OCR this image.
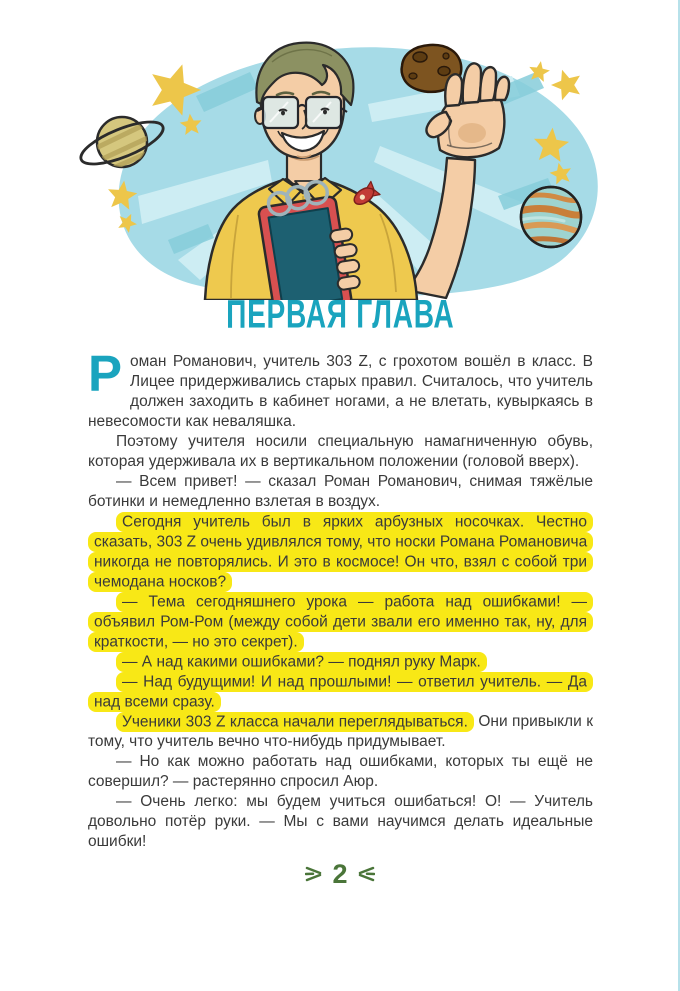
ПЕРВАЯ ГЛАВА

Роман Романович, учитель 303 Z, с грохотом вошёл в класс. В Лицее придерживались старых правил. Считалось, что учитель должен заходить в кабинет ногами, а не влетать, кувыркаясь в невесомости как неваляшка.

Поэтому учителя носили специальную намагниченную обувь, которая удерживала их в вертикальном положении (головой вверх).

— Всем привет! — сказал Роман Романович, снимая тяжёлые ботинки и немедленно взлетая в воздух.

Сегодня учитель был в ярких арбузных носочках. Честно сказать, 303 Z очень удивлялся тому, что носки Романа Романовича никогда не повторялись. И это в космосе! Он что, взял с собой три чемодана носков?

— Тема сегодняшнего урока — работа над ошибками! — объявил Ром-Ром (между собой дети звали его именно так, ну, для краткости, — но это секрет).

— А над какими ошибками? — поднял руку Марк.

— Над будущими! И над прошлыми! — ответил учитель. — Да над всеми сразу.

Ученики 303 Z класса начали переглядываться. Они привыкли к тому, что учитель вечно что-нибудь придумывает.

— Но как можно работать над ошибками, которых ты ещё не совершил? — растерянно спросил Аюр.

— Очень легко: мы будем учиться ошибаться! О! — Учитель довольно потёр руки. — Мы с вами научимся делать идеальные ошибки!

2
